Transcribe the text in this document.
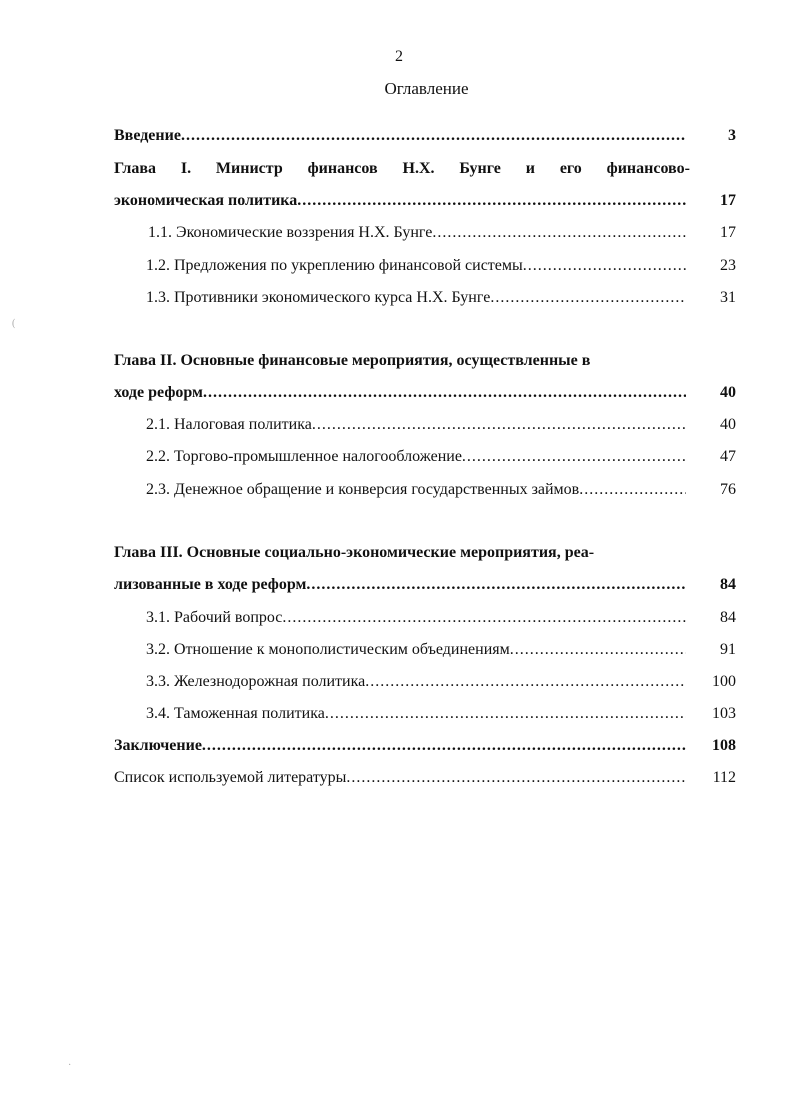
2
Оглавление
Введение .....	3
Глава I. Министр финансов Н.Х. Бунге и его финансово-
экономическая политика .....	17
1.1. Экономические воззрения Н.Х. Бунге .....	17
1.2. Предложения по укреплению финансовой системы .....	23
1.3. Противники экономического курса Н.Х. Бунге .....	31
Глава II. Основные финансовые мероприятия, осуществленные в
ходе реформ .....	40
2.1. Налоговая политика .....	40
2.2. Торгово-промышленное налогообложение .....	47
2.3. Денежное обращение и конверсия государственных займов .....	76
Глава III. Основные социально-экономические мероприятия, реа-
лизованные в ходе реформ .....	84
3.1. Рабочий вопрос .....	84
3.2. Отношение к монополистическим объединениям .....	91
3.3. Железнодорожная политика .....	100
3.4. Таможенная политика .....	103
Заключение .....	108
Список используемой литературы .....	112
(
·
